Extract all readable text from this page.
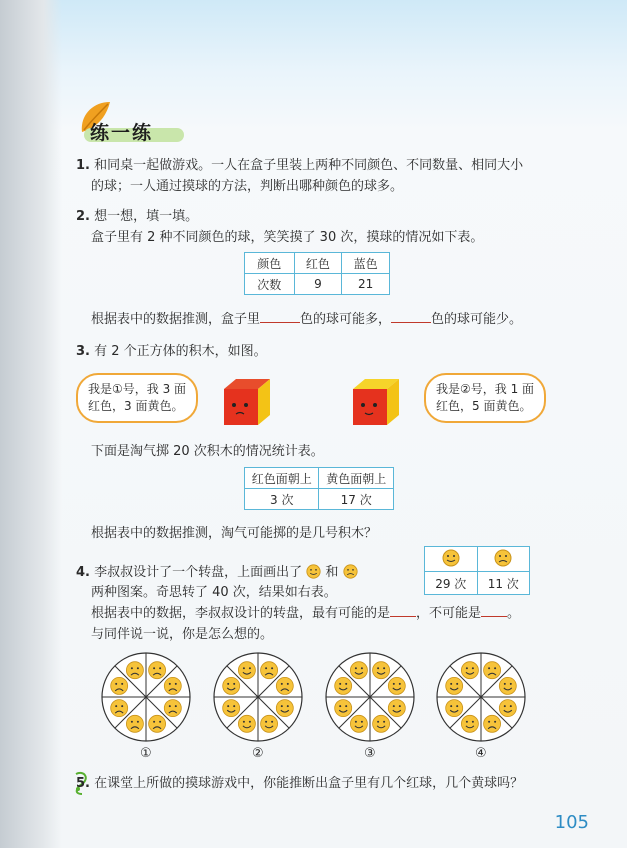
练一练
1. 和同桌一起做游戏。一人在盒子里装上两种不同颜色、不同数量、相同大小
的球；一人通过摸球的方法，判断出哪种颜色的球多。
2. 想一想，填一填。
盒子里有 2 种不同颜色的球，笑笑摸了 30 次，摸球的情况如下表。
颜色	红色	蓝色
次数	9	21
根据表中的数据推测，盒子里	色的球可能多，	色的球可能少。
3. 有 2 个正方体的积木，如图。
我是①号，我 3 面
红色，3 面黄色。
我是②号，我 1 面
红色，5 面黄色。
下面是淘气掷 20 次积木的情况统计表。
红色面朝上	黄色面朝上
3 次	17 次
根据表中的数据推测，淘气可能掷的是几号积木？

29 次	11 次
4. 李叔叔设计了一个转盘，上面画出了 和
两种图案。奇思转了 40 次，结果如右表。
根据表中的数据，李叔叔设计的转盘，最有可能的是 ，不可能是 。
与同伴说一说，你是怎么想的。
①	②	③	④
5. 在课堂上所做的摸球游戏中，你能推断出盒子里有几个红球，几个黄球吗？
105
